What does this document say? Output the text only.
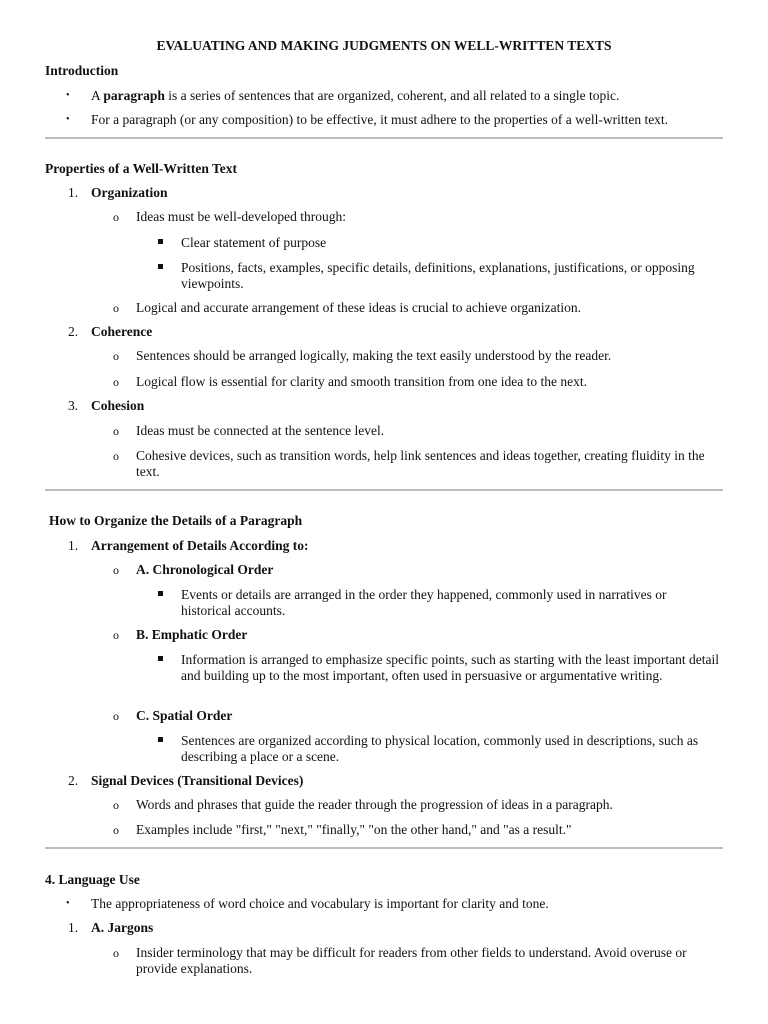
EVALUATING AND MAKING JUDGMENTS ON WELL-WRITTEN TEXTS
Introduction
• A paragraph is a series of sentences that are organized, coherent, and all related to a single topic.
• For a paragraph (or any composition) to be effective, it must adhere to the properties of a well-written text.
Properties of a Well-Written Text
1. Organization
o Ideas must be well-developed through:
Clear statement of purpose
Positions, facts, examples, specific details, definitions, explanations, justifications, or opposing viewpoints.
o Logical and accurate arrangement of these ideas is crucial to achieve organization.
2. Coherence
o Sentences should be arranged logically, making the text easily understood by the reader.
o Logical flow is essential for clarity and smooth transition from one idea to the next.
3. Cohesion
o Ideas must be connected at the sentence level.
o Cohesive devices, such as transition words, help link sentences and ideas together, creating fluidity in the text.
How to Organize the Details of a Paragraph
1. Arrangement of Details According to:
o A. Chronological Order
Events or details are arranged in the order they happened, commonly used in narratives or historical accounts.
o B. Emphatic Order
Information is arranged to emphasize specific points, such as starting with the least important detail and building up to the most important, often used in persuasive or argumentative writing.
o C. Spatial Order
Sentences are organized according to physical location, commonly used in descriptions, such as describing a place or a scene.
2. Signal Devices (Transitional Devices)
o Words and phrases that guide the reader through the progression of ideas in a paragraph.
o Examples include "first," "next," "finally," "on the other hand," and "as a result."
4. Language Use
• The appropriateness of word choice and vocabulary is important for clarity and tone.
1. A. Jargons
o Insider terminology that may be difficult for readers from other fields to understand. Avoid overuse or provide explanations.
